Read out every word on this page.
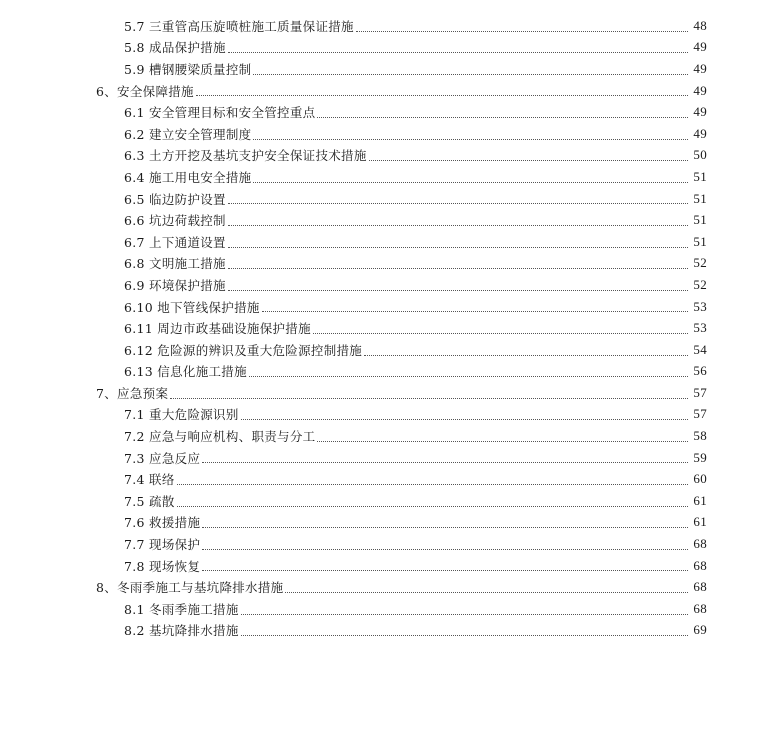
5.7 三重管高压旋喷桩施工质量保证措施	48
5.8 成品保护措施	49
5.9 槽钢腰梁质量控制	49
6、安全保障措施	49
6.1 安全管理目标和安全管控重点	49
6.2 建立安全管理制度	49
6.3 土方开挖及基坑支护安全保证技术措施	50
6.4 施工用电安全措施	51
6.5 临边防护设置	51
6.6 坑边荷载控制	51
6.7 上下通道设置	51
6.8 文明施工措施	52
6.9 环境保护措施	52
6.10 地下管线保护措施	53
6.11 周边市政基础设施保护措施	53
6.12 危险源的辨识及重大危险源控制措施	54
6.13 信息化施工措施	56
7、应急预案	57
7.1 重大危险源识别	57
7.2 应急与响应机构、职责与分工	58
7.3 应急反应	59
7.4 联络	60
7.5 疏散	61
7.6 救援措施	61
7.7 现场保护	68
7.8 现场恢复	68
8、冬雨季施工与基坑降排水措施	68
8.1 冬雨季施工措施	68
8.2 基坑降排水措施	69
